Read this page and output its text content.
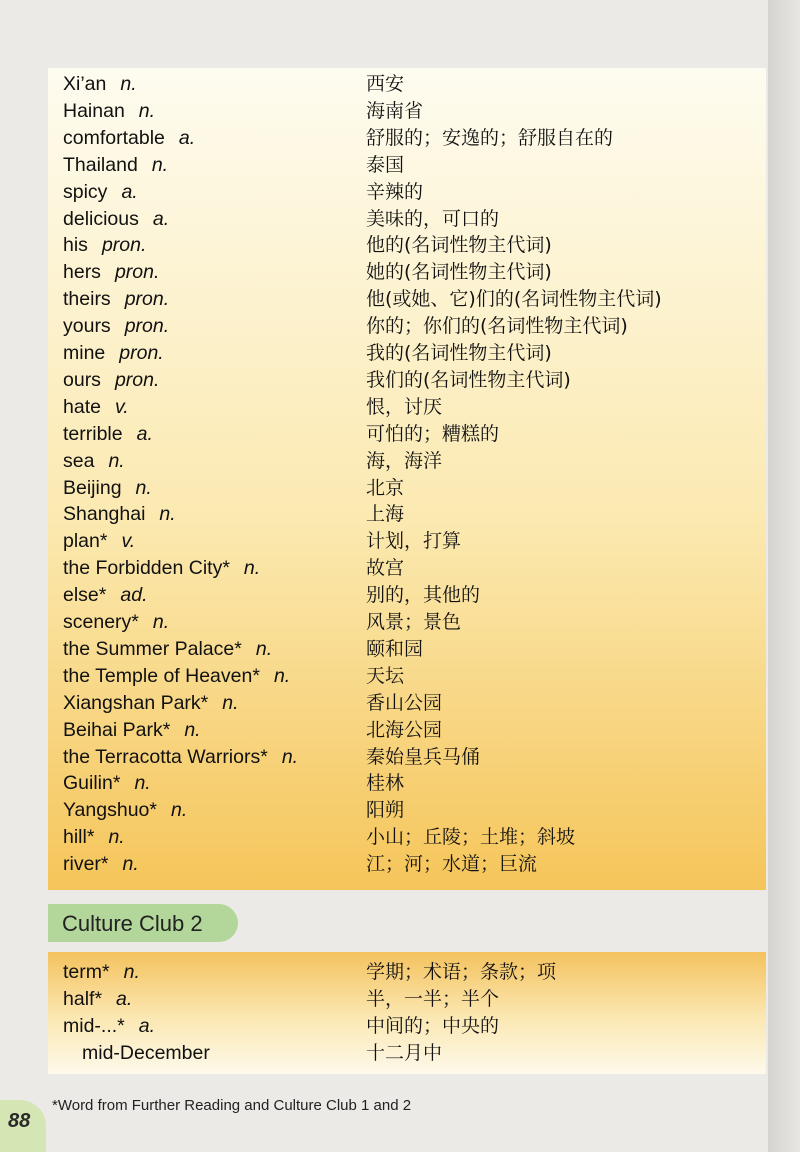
Xi’an n.	西安
Hainan n.	海南省
comfortable a.	舒服的；安逸的；舒服自在的
Thailand n.	泰国
spicy a.	辛辣的
delicious a.	美味的，可口的
his pron.	他的(名词性物主代词)
hers pron.	她的(名词性物主代词)
theirs pron.	他(或她、它)们的(名词性物主代词)
yours pron.	你的；你们的(名词性物主代词)
mine pron.	我的(名词性物主代词)
ours pron.	我们的(名词性物主代词)
hate v.	恨，讨厌
terrible a.	可怕的；糟糕的
sea n.	海，海洋
Beijing n.	北京
Shanghai n.	上海
plan* v.	计划，打算
the Forbidden City* n.	故宫
else* ad.	别的，其他的
scenery* n.	风景；景色
the Summer Palace* n.	颐和园
the Temple of Heaven* n.	天坛
Xiangshan Park* n.	香山公园
Beihai Park* n.	北海公园
the Terracotta Warriors* n.	秦始皇兵马俑
Guilin* n.	桂林
Yangshuo* n.	阳朔
hill* n.	小山；丘陵；土堆；斜坡
river* n.	江；河；水道；巨流
Culture Club 2
term* n.	学期；术语；条款；项
half* a.	半，一半；半个
mid-...* a.	中间的；中央的
mid-December	十二月中
*Word from Further Reading and Culture Club 1 and 2
88
